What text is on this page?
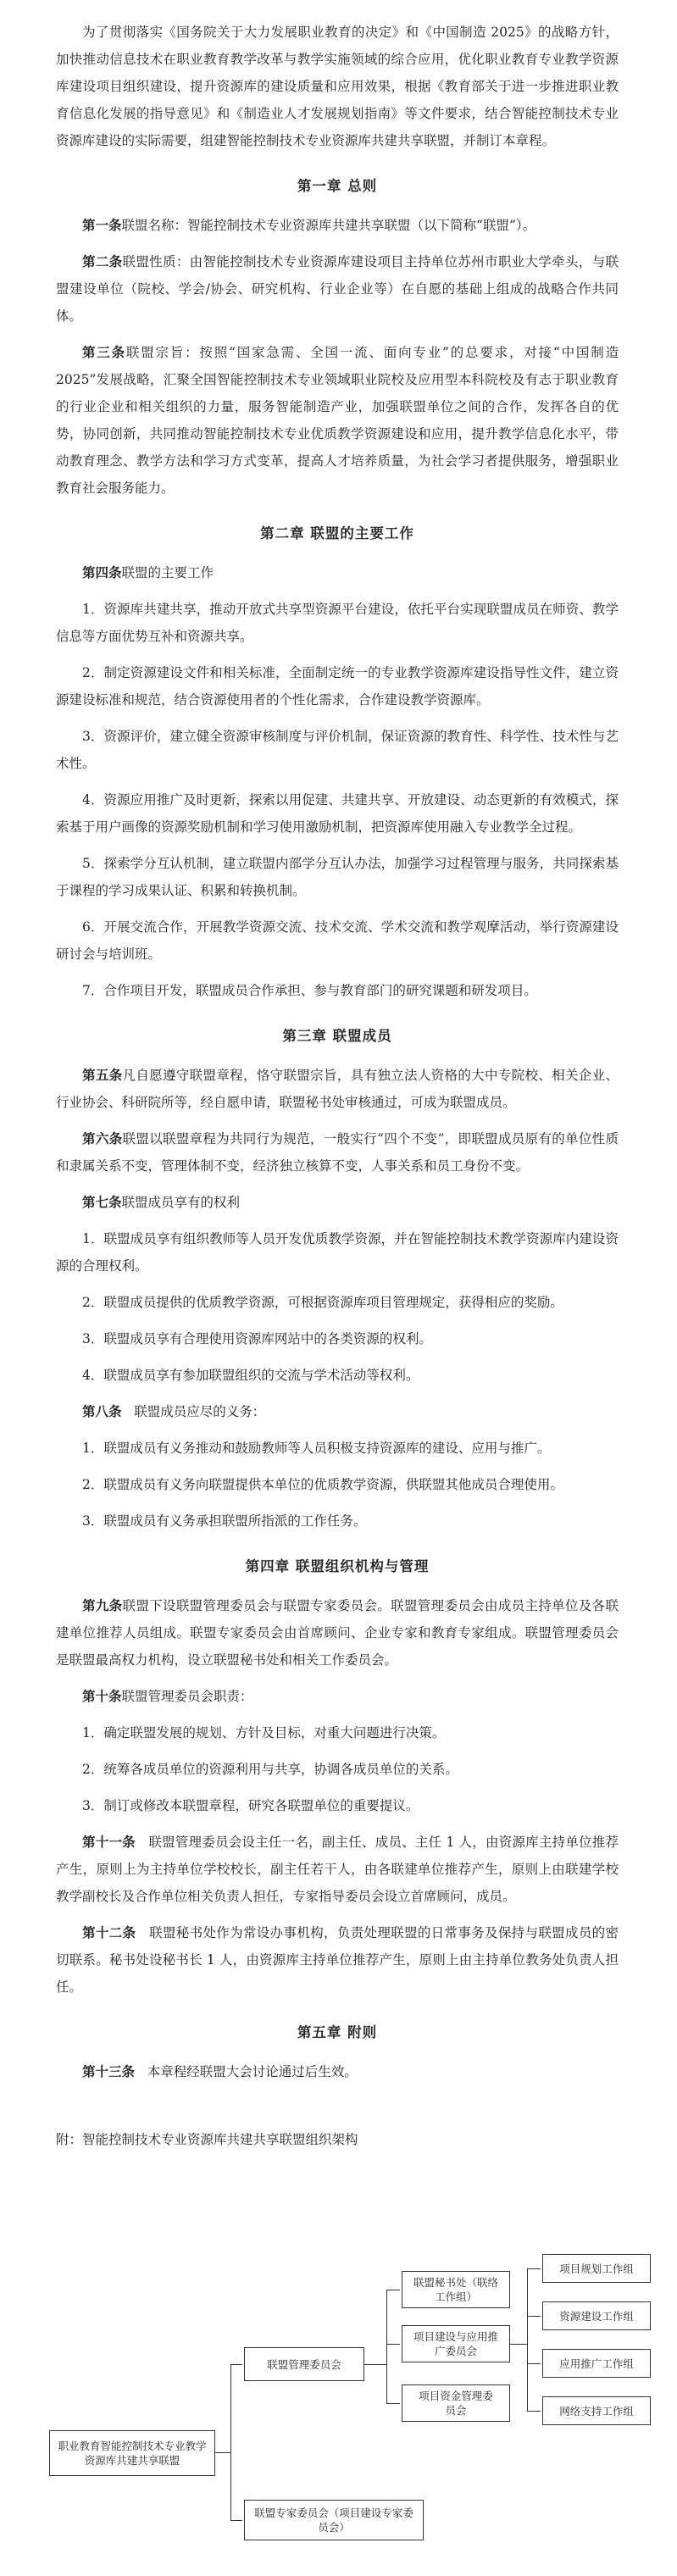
为了贯彻落实《国务院关于大力发展职业教育的决定》和《中国制造 2025》的战略方针，加快推动信息技术在职业教育教学改革与教学实施领域的综合应用，优化职业教育专业教学资源库建设项目组织建设，提升资源库的建设质量和应用效果，根据《教育部关于进一步推进职业教育信息化发展的指导意见》和《制造业人才发展规划指南》等文件要求，结合智能控制技术专业资源库建设的实际需要，组建智能控制技术专业资源库共建共享联盟，并制订本章程。

第一章 总则

第一条联盟名称：智能控制技术专业资源库共建共享联盟（以下简称“联盟”）。

第二条联盟性质：由智能控制技术专业资源库建设项目主持单位苏州市职业大学牵头，与联盟建设单位（院校、学会/协会、研究机构、行业企业等）在自愿的基础上组成的战略合作共同体。

第三条联盟宗旨：按照“国家急需、全国一流、面向专业”的总要求，对接“中国制造 2025”发展战略，汇聚全国智能控制技术专业领域职业院校及应用型本科院校及有志于职业教育的行业企业和相关组织的力量，服务智能制造产业，加强联盟单位之间的合作，发挥各自的优势，协同创新，共同推动智能控制技术专业优质教学资源建设和应用，提升教学信息化水平，带动教育理念、教学方法和学习方式变革，提高人才培养质量，为社会学习者提供服务，增强职业教育社会服务能力。

第二章 联盟的主要工作

第四条联盟的主要工作

1．资源库共建共享，推动开放式共享型资源平台建设，依托平台实现联盟成员在师资、教学信息等方面优势互补和资源共享。

2．制定资源建设文件和相关标准，全面制定统一的专业教学资源库建设指导性文件，建立资源建设标准和规范，结合资源使用者的个性化需求，合作建设教学资源库。

3．资源评价，建立健全资源审核制度与评价机制，保证资源的教育性、科学性、技术性与艺术性。

4．资源应用推广及时更新，探索以用促建、共建共享、开放建设、动态更新的有效模式，探索基于用户画像的资源奖励机制和学习使用激励机制，把资源库使用融入专业教学全过程。

5．探索学分互认机制，建立联盟内部学分互认办法，加强学习过程管理与服务，共同探索基于课程的学习成果认证、积累和转换机制。

6．开展交流合作，开展教学资源交流、技术交流、学术交流和教学观摩活动，举行资源建设研讨会与培训班。

7．合作项目开发，联盟成员合作承担、参与教育部门的研究课题和研发项目。

第三章 联盟成员

第五条凡自愿遵守联盟章程，恪守联盟宗旨，具有独立法人资格的大中专院校、相关企业、行业协会、科研院所等，经自愿申请，联盟秘书处审核通过，可成为联盟成员。

第六条联盟以联盟章程为共同行为规范，一般实行“四个不变”，即联盟成员原有的单位性质和隶属关系不变，管理体制不变，经济独立核算不变，人事关系和员工身份不变。

第七条联盟成员享有的权利

1．联盟成员享有组织教师等人员开发优质教学资源，并在智能控制技术教学资源库内建设资源的合理权利。

2．联盟成员提供的优质教学资源，可根据资源库项目管理规定，获得相应的奖励。

3．联盟成员享有合理使用资源库网站中的各类资源的权利。

4．联盟成员享有参加联盟组织的交流与学术活动等权利。

第八条 联盟成员应尽的义务：

1．联盟成员有义务推动和鼓励教师等人员积极支持资源库的建设、应用与推广。

2．联盟成员有义务向联盟提供本单位的优质教学资源，供联盟其他成员合理使用。

3．联盟成员有义务承担联盟所指派的工作任务。

第四章 联盟组织机构与管理

第九条联盟下设联盟管理委员会与联盟专家委员会。联盟管理委员会由成员主持单位及各联建单位推荐人员组成。联盟专家委员会由首席顾问、企业专家和教育专家组成。联盟管理委员会是联盟最高权力机构，设立联盟秘书处和相关工作委员会。

第十条联盟管理委员会职责：

1．确定联盟发展的规划、方针及目标，对重大问题进行决策。

2．统筹各成员单位的资源利用与共享，协调各成员单位的关系。

3．制订或修改本联盟章程，研究各联盟单位的重要提议。

第十一条 联盟管理委员会设主任一名，副主任、成员、主任 1 人，由资源库主持单位推荐产生，原则上为主持单位学校校长，副主任若干人，由各联建单位推荐产生，原则上由联建学校教学副校长及合作单位相关负责人担任，专家指导委员会设立首席顾问，成员。

第十二条 联盟秘书处作为常设办事机构，负责处理联盟的日常事务及保持与联盟成员的密切联系。秘书处设秘书长 1 人，由资源库主持单位推荐产生，原则上由主持单位教务处负责人担任。

第五章 附则

第十三条 本章程经联盟大会讨论通过后生效。

附：智能控制技术专业资源库共建共享联盟组织架构

职业教育智能控制技术专业教学资源库共建共享联盟
联盟管理委员会
联盟专家委员会（项目建设专家委员会）
联盟秘书处（联络工作组）
项目建设与应用推广委员会
项目资金管理委员会
项目规划工作组
资源建设工作组
应用推广工作组
网络支持工作组
